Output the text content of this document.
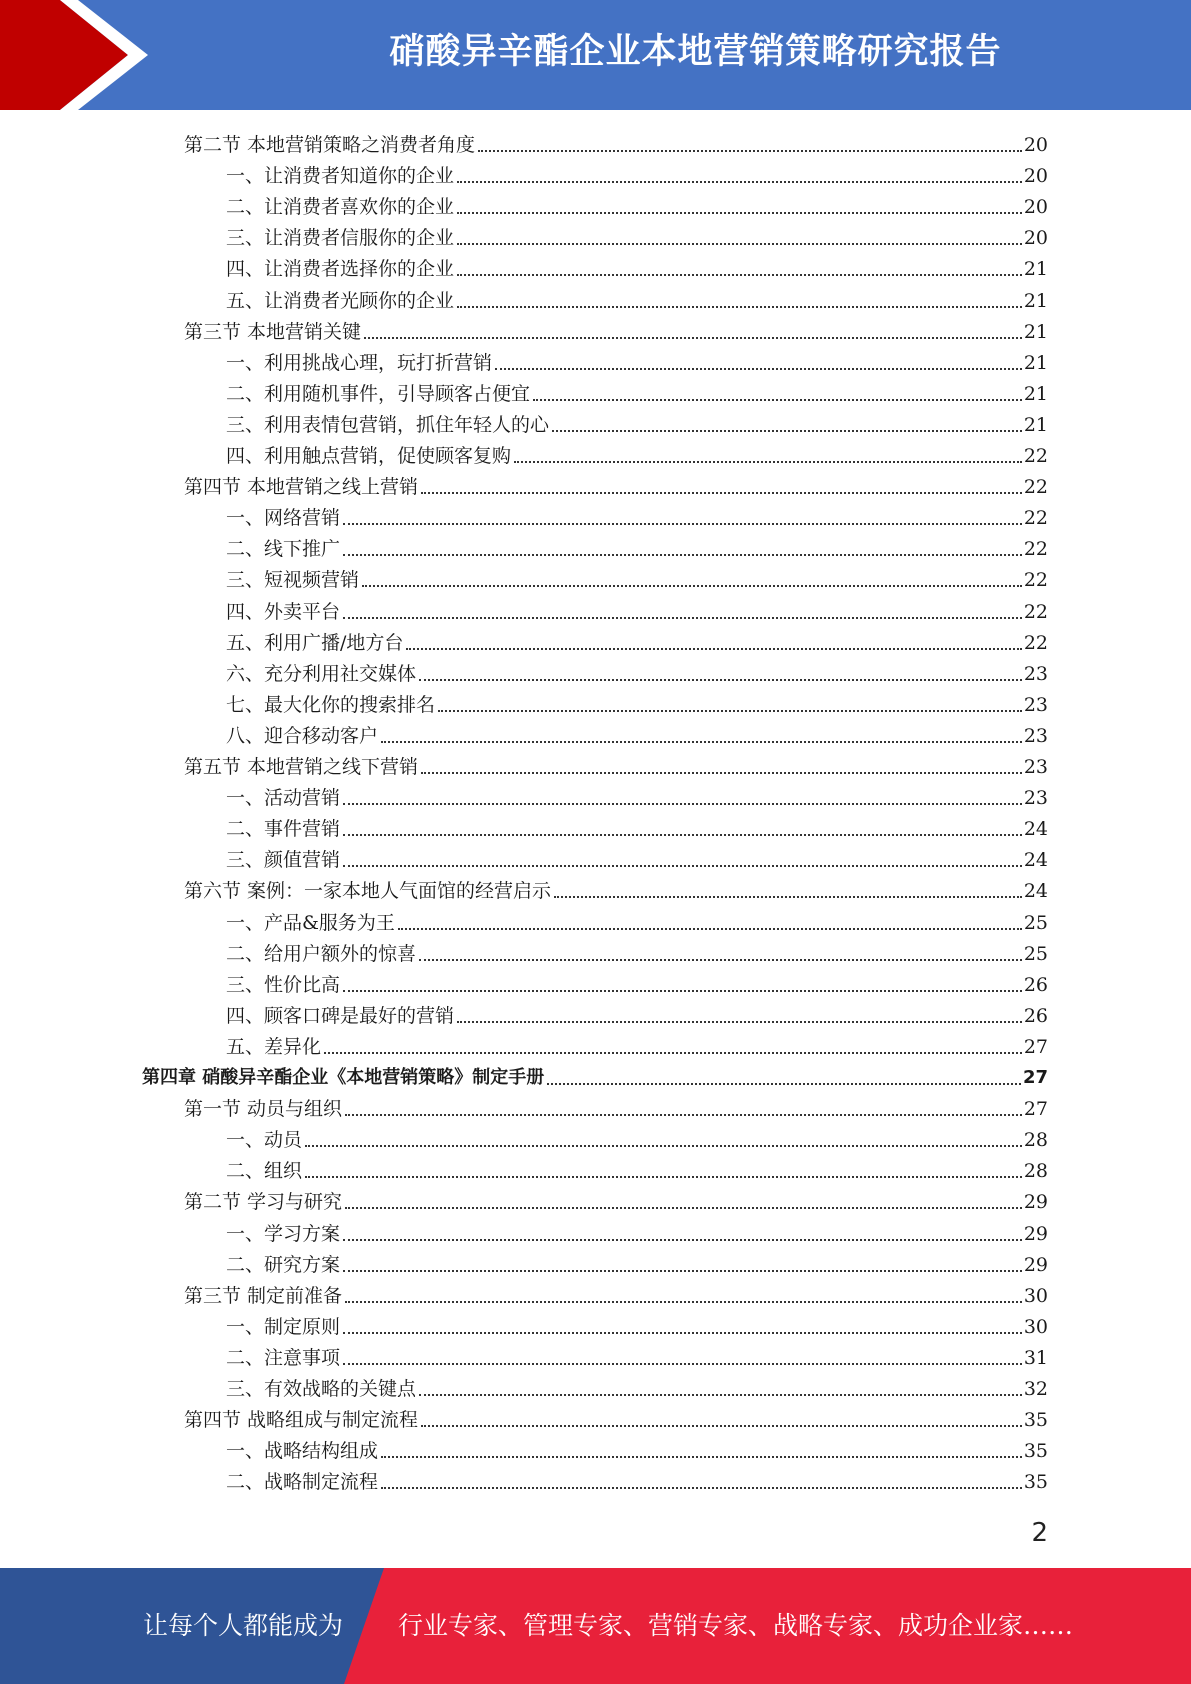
硝酸异辛酯企业本地营销策略研究报告
第二节 本地营销策略之消费者角度	20
一、让消费者知道你的企业	20
二、让消费者喜欢你的企业	20
三、让消费者信服你的企业	20
四、让消费者选择你的企业	21
五、让消费者光顾你的企业	21
第三节 本地营销关键	21
一、利用挑战心理，玩打折营销	21
二、利用随机事件，引导顾客占便宜	21
三、利用表情包营销，抓住年轻人的心	21
四、利用触点营销，促使顾客复购	22
第四节 本地营销之线上营销	22
一、网络营销	22
二、线下推广	22
三、短视频营销	22
四、外卖平台	22
五、利用广播/地方台	22
六、充分利用社交媒体	23
七、最大化你的搜索排名	23
八、迎合移动客户	23
第五节 本地营销之线下营销	23
一、活动营销	23
二、事件营销	24
三、颜值营销	24
第六节 案例：一家本地人气面馆的经营启示	24
一、产品&服务为王	25
二、给用户额外的惊喜	25
三、性价比高	26
四、顾客口碑是最好的营销	26
五、差异化	27
第四章 硝酸异辛酯企业《本地营销策略》制定手册	27
第一节 动员与组织	27
一、动员	28
二、组织	28
第二节 学习与研究	29
一、学习方案	29
二、研究方案	29
第三节 制定前准备	30
一、制定原则	30
二、注意事项	31
三、有效战略的关键点	32
第四节 战略组成与制定流程	35
一、战略结构组成	35
二、战略制定流程	35
2
让每个人都能成为 行业专家、管理专家、营销专家、战略专家、成功企业家……
